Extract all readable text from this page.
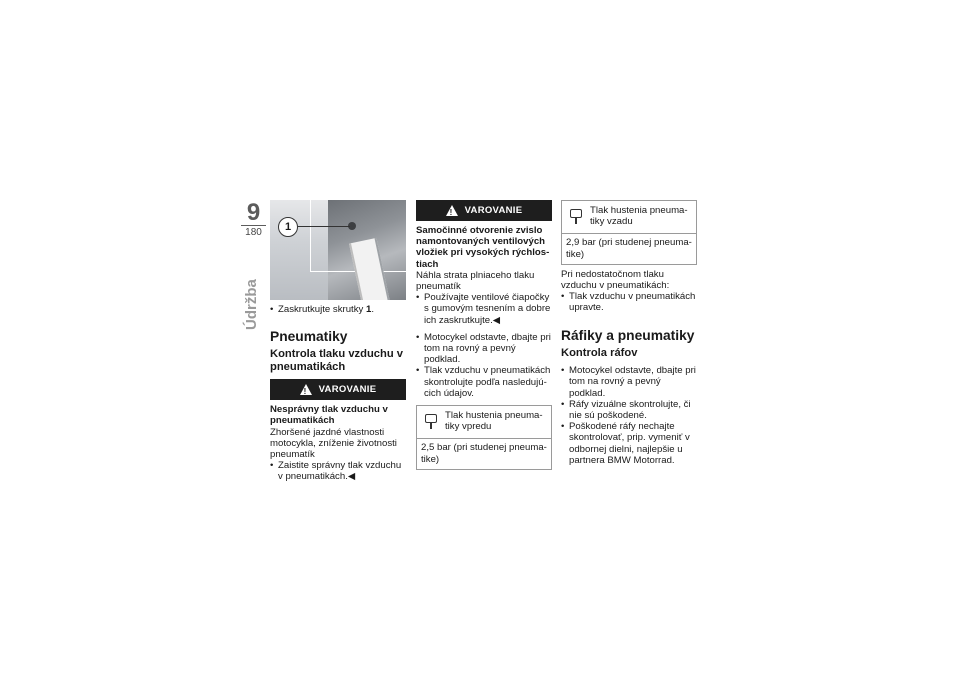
9
180
Údržba
1

• Zaskrutkujte skrutky 1.

Pneumatiky
Kontrola tlaku vzduchu v pneumatikách
!
VAROVANIE
Nesprávny tlak vzduchu v pneumatikách
Zhoršené jazdné vlastnosti motocykla, zníženie životnosti pneumatík

• Zaistite správny tlak vzduchu v pneumatikách.◀

!
VAROVANIE
Samočinné otvorenie zvislo namontovaných ventilových vložiek pri vysokých rýchlostiach
Náhla strata plniaceho tlaku pneumatík

• Používajte ventilové čiapočky s gumovým tesnením a dobre ich zaskrutkujte.◀

• Motocykel odstavte, dbajte pri tom na rovný a pevný podklad.

• Tlak vzduchu v pneumatikách skontrolujte podľa nasledujúcich údajov.

Tlak hustenia pneumatiky vpredu
2,5 bar (pri studenej pneumatike)
Tlak hustenia pneumatiky vzadu
2,9 bar (pri studenej pneumatike)
Pri nedostatočnom tlaku vzduchu v pneumatikách:

• Tlak vzduchu v pneumatikách upravte.

Ráfiky a pneumatiky
Kontrola ráfov

• Motocykel odstavte, dbajte pri tom na rovný a pevný podklad.

• Ráfy vizuálne skontrolujte, či nie sú poškodené.

• Poškodené ráfy nechajte skontrolovať, prip. vymeniť v odbornej dielni, najlepšie u partnera BMW Motorrad.
